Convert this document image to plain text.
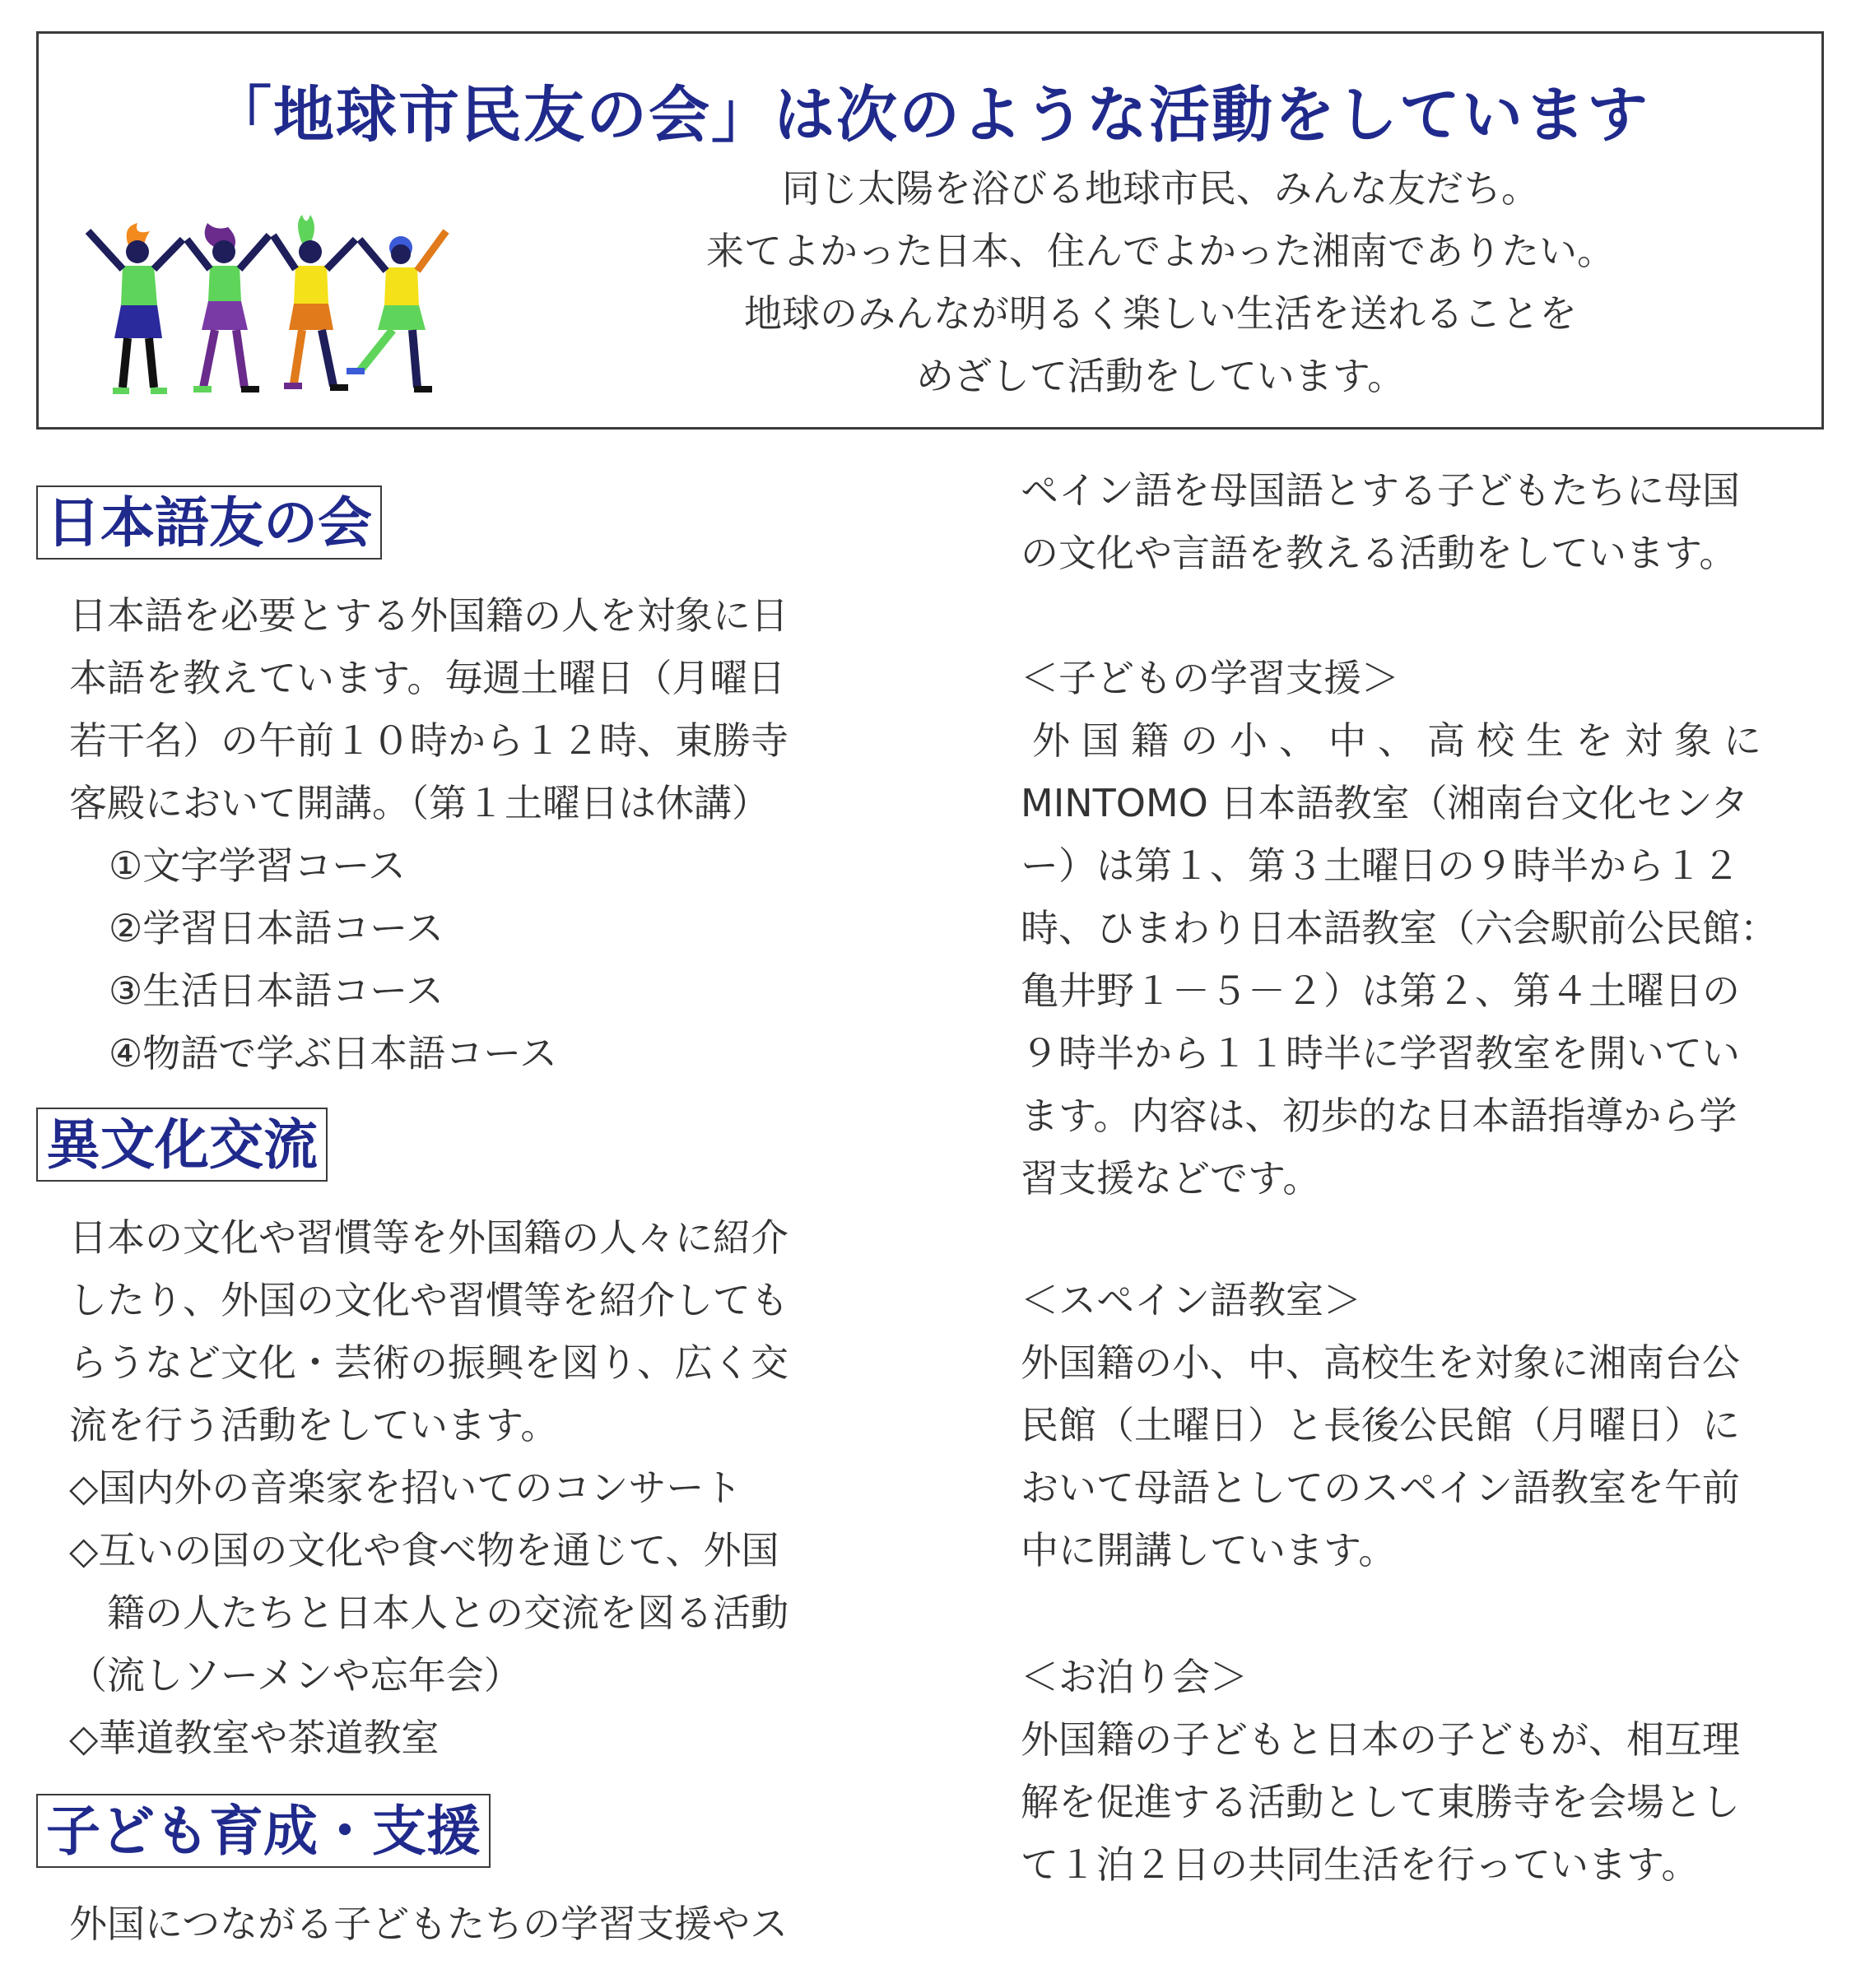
「地球市民友の会」は次のような活動をしています
同じ太陽を浴びる地球市民、みんな友だち。
来てよかった日本、住んでよかった湘南でありたい。
地球のみんなが明るく楽しい生活を送れることを
めざして活動をしています。
日本語友の会
日本語を必要とする外国籍の人を対象に日
本語を教えています。毎週土曜日（月曜日
若干名）の午前１０時から１２時、東勝寺
客殿において開講。（第１土曜日は休講）
①文字学習コース
②学習日本語コース
③生活日本語コース
④物語で学ぶ日本語コース
異文化交流
日本の文化や習慣等を外国籍の人々に紹介
したり、外国の文化や習慣等を紹介しても
らうなど文化・芸術の振興を図り、広く交
流を行う活動をしています。
◇国内外の音楽家を招いてのコンサート
◇互いの国の文化や食べ物を通じて、外国
　籍の人たちと日本人との交流を図る活動
（流しソーメンや忘年会）
◇華道教室や茶道教室
子ども育成・支援
外国につながる子どもたちの学習支援やス
ペイン語を母国語とする子どもたちに母国
の文化や言語を教える活動をしています。
＜子どもの学習支援＞
外国籍の小、中、高校生を対象に
MINTOMO 日本語教室（湘南台文化センタ
ー）は第１、第３土曜日の９時半から１２
時、ひまわり日本語教室（六会駅前公民館：
亀井野１－５－２）は第２、第４土曜日の
９時半から１１時半に学習教室を開いてい
ます。内容は、初歩的な日本語指導から学
習支援などです。
＜スペイン語教室＞
外国籍の小、中、高校生を対象に湘南台公
民館（土曜日）と長後公民館（月曜日）に
おいて母語としてのスペイン語教室を午前
中に開講しています。
＜お泊り会＞
外国籍の子どもと日本の子どもが、相互理
解を促進する活動として東勝寺を会場とし
て１泊２日の共同生活を行っています。
